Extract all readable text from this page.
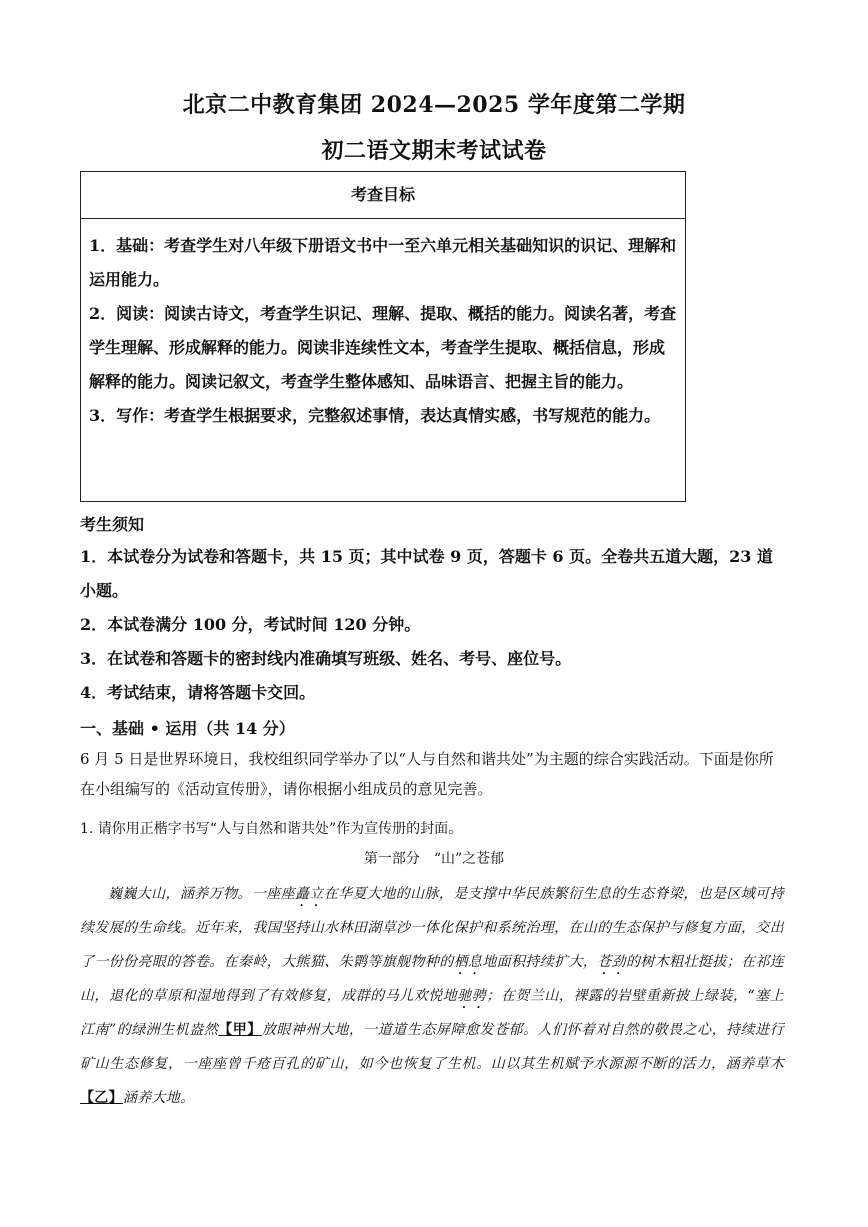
北京二中教育集团 2024—2025 学年度第二学期
初二语文期末考试试卷
考查目标

1．基础：考查学生对八年级下册语文书中一至六单元相关基础知识的识记、理解和运用能力。

2．阅读：阅读古诗文，考查学生识记、理解、提取、概括的能力。阅读名著，考查学生理解、形成解释的能力。阅读非连续性文本，考查学生提取、概括信息，形成解释的能力。阅读记叙文，考查学生整体感知、品味语言、把握主旨的能力。

3．写作：考查学生根据要求，完整叙述事情，表达真情实感，书写规范的能力。

考生须知

1．本试卷分为试卷和答题卡，共 15 页；其中试卷 9 页，答题卡 6 页。全卷共五道大题，23 道小题。

2．本试卷满分 100 分，考试时间 120 分钟。

3．在试卷和答题卡的密封线内准确填写班级、姓名、考号、座位号。

4．考试结束，请将答题卡交回。

一、基础 • 运用（共 14 分）
6 月 5 日是世界环境日，我校组织同学举办了以“人与自然和谐共处”为主题的综合实践活动。下面是你所在小组编写的《活动宣传册》，请你根据小组成员的意见完善。
1. 请你用正楷字书写“人与自然和谐共处”作为宣传册的封面。
第一部分　“山”之苍郁

巍巍大山，涵养万物。一座座矗立在华夏大地的山脉，是支撑中华民族繁衍生息的生态脊梁，也是区域可持续发展的生命线。近年来，我国坚持山水林田湖草沙一体化保护和系统治理，在山的生态保护与修复方面，交出了一份份亮眼的答卷。在秦岭，大熊猫、朱鹮等旗舰物种的栖息地面积持续扩大，苍劲的树木粗壮挺拔；在祁连山，退化的草原和湿地得到了有效修复，成群的马儿欢悦地驰骋；在贺兰山，裸露的岩壁重新披上绿装，“塞上江南”的绿洲生机盎然【甲】放眼神州大地，一道道生态屏障愈发苍郁。人们怀着对自然的敬畏之心，持续进行矿山生态修复，一座座曾千疮百孔的矿山，如今也恢复了生机。山以其生机赋予水源源不断的活力，涵养草木【乙】涵养大地。
